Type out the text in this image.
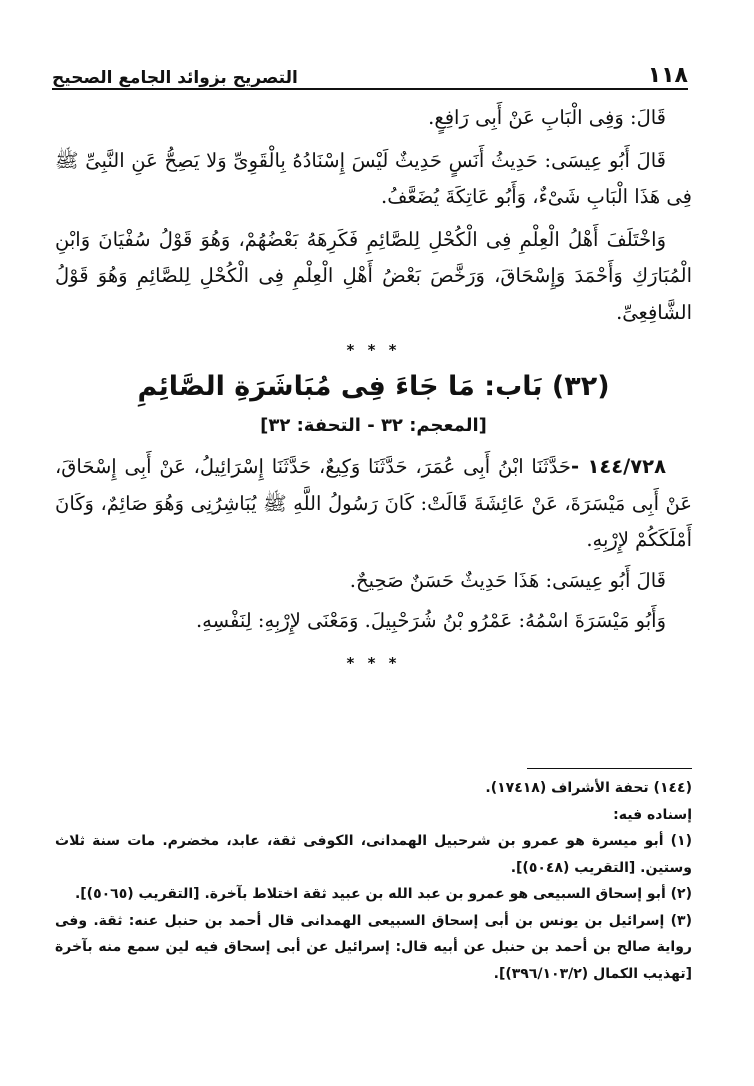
١١٨
التصريح بزوائد الجامع الصحيح

قَالَ: وَفِى الْبَابِ عَنْ أَبِى رَافِعٍ.

قَالَ أَبُو عِيسَى: حَدِيثُ أَنَسٍ حَدِيثٌ لَيْسَ إِسْنَادُهُ بِالْقَوِىِّ وَلا يَصِحُّ عَنِ النَّبِىِّ ﷺ فِى هَذَا الْبَابِ شَىْءٌ، وَأَبُو عَاتِكَةَ يُضَعَّفُ.

وَاخْتَلَفَ أَهْلُ الْعِلْمِ فِى الْكُحْلِ لِلصَّائِمِ فَكَرِهَهُ بَعْضُهُمْ، وَهُوَ قَوْلُ سُفْيَانَ وَابْنِ الْمُبَارَكِ وَأَحْمَدَ وَإِسْحَاقَ، وَرَخَّصَ بَعْضُ أَهْلِ الْعِلْمِ فِى الْكُحْلِ لِلصَّائِمِ وَهُوَ قَوْلُ الشَّافِعِىِّ.

* * *
(٣٢) بَاب: مَا جَاءَ فِى مُبَاشَرَةِ الصَّائِمِ
[المعجم: ٣٢ - التحفة: ٣٢]

١٤٤/٧٢٨ -حَدَّثَنَا ابْنُ أَبِى عُمَرَ، حَدَّثَنَا وَكِيعٌ، حَدَّثَنَا إِسْرَائِيلُ، عَنْ أَبِى إِسْحَاقَ، عَنْ أَبِى مَيْسَرَةَ، عَنْ عَائِشَةَ قَالَتْ: كَانَ رَسُولُ اللَّهِ ﷺ يُبَاشِرُنِى وَهُوَ صَائِمٌ، وَكَانَ أَمْلَكَكُمْ لإِرْبِهِ.

قَالَ أَبُو عِيسَى: هَذَا حَدِيثٌ حَسَنٌ صَحِيحٌ.

وَأَبُو مَيْسَرَةَ اسْمُهُ: عَمْرُو بْنُ شُرَحْبِيلَ. وَمَعْنَى لإِرْبِهِ: لِنَفْسِهِ.

* * *

(١٤٤) تحفة الأشراف (١٧٤١٨).

إسناده فيه:

(١) أبو ميسرة هو عمرو بن شرحبيل الهمدانى، الكوفى ثقة، عابد، مخضرم. مات سنة ثلاث وستين. [التقريب (٥٠٤٨)].

(٢) أبو إسحاق السبيعى هو عمرو بن عبد الله بن عبيد ثقة اختلاط بآخرة. [التقريب (٥٠٦٥)].

(٣) إسرائيل بن يونس بن أبى إسحاق السبيعى الهمدانى قال أحمد بن حنبل عنه: ثقة. وفى رواية صالح بن أحمد بن حنبل عن أبيه قال: إسرائيل عن أبى إسحاق فيه لين سمع منه بآخرة [تهذيب الكمال (٣٩٦/١٠٣/٢)].
